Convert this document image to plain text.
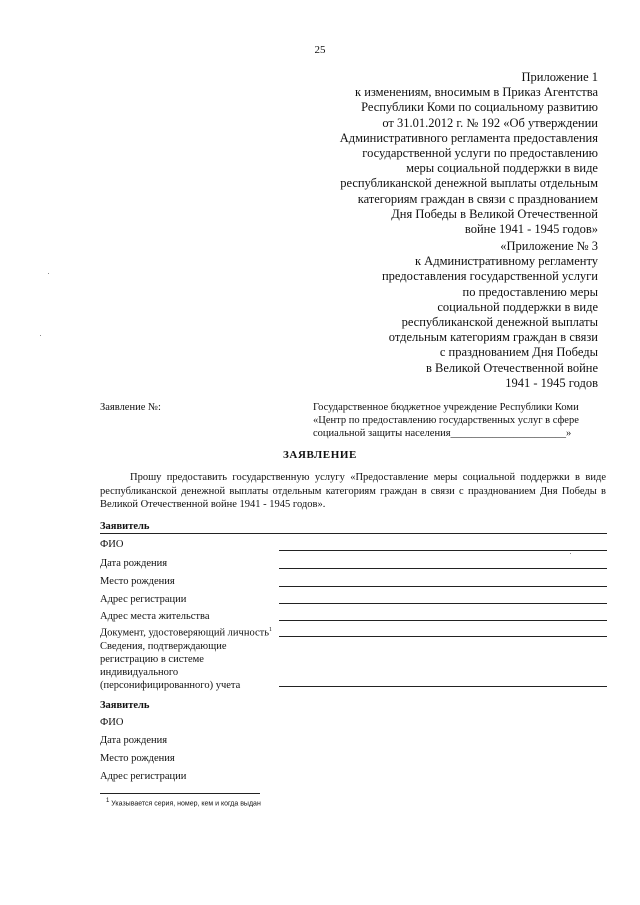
25
Приложение 1
к изменениям, вносимым в Приказ Агентства
Республики Коми по социальному развитию
от 31.01.2012 г. № 192 «Об утверждении
Административного регламента предоставления
государственной услуги по предоставлению
меры социальной поддержки в виде
республиканской денежной выплаты отдельным
категориям граждан в связи с празднованием
Дня Победы в Великой Отечественной
войне 1941 - 1945 годов»
«Приложение № 3
к Административному регламенту
предоставления государственной услуги
по предоставлению меры
социальной поддержки в виде
республиканской денежной выплаты
отдельным категориям граждан в связи
с празднованием Дня Победы
в Великой Отечественной войне
1941 - 1945 годов
Заявление №:	Государственное бюджетное учреждение Республики Коми
«Центр по предоставлению государственных услуг в сфере
социальной защиты населения______________________»
ЗАЯВЛЕНИЕ
Прошу предоставить государственную услугу «Предоставление меры социальной поддержки в виде республиканской денежной выплаты отдельным категориям граждан в связи с празднованием Дня Победы в Великой Отечественной войне 1941 - 1945 годов».
Заявитель
ФИО
Дата рождения
Место рождения
Адрес регистрации
Адрес места жительства
Документ, удостоверяющий личность$^1$
Сведения, подтверждающие
регистрацию в системе
индивидуального
(персонифицированного) учета
Заявитель
ФИО
Дата рождения
Место рождения
Адрес регистрации
$^1$ Указывается серия, номер, кем и когда выдан
